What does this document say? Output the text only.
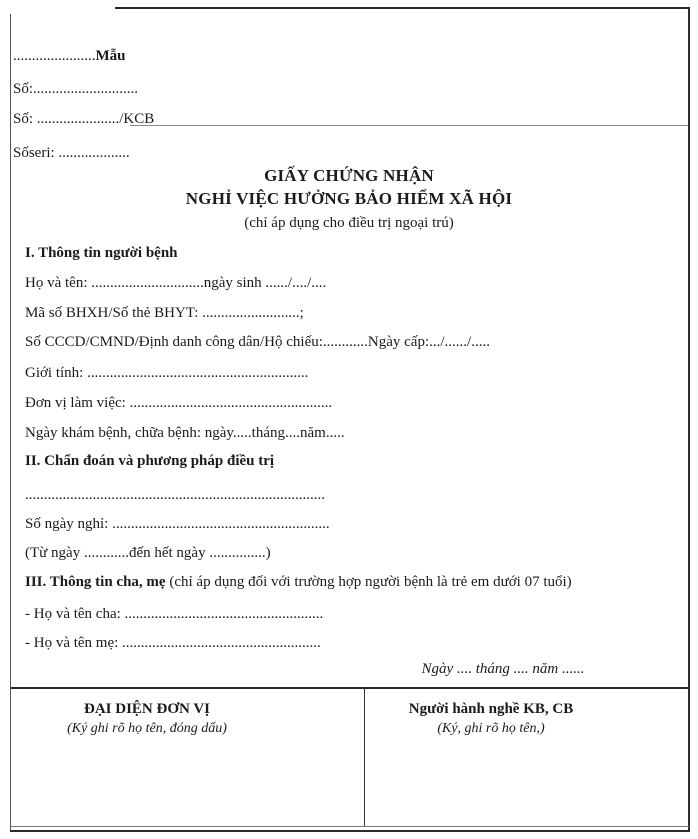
......................Mẫu
Số:............................
Số: ....................../KCB
Sốseri: ...................
GIẤY CHỨNG NHẬN
NGHỈ VIỆC HƯỞNG BẢO HIỂM XÃ HỘI
(chỉ áp dụng cho điều trị ngoại trú)
I. Thông tin người bệnh
Họ và tên: ..............................ngày sinh ....../..../....
Mã số BHXH/Số thẻ BHYT: ..........................;
Số CCCD/CMND/Định danh công dân/Hộ chiếu:............Ngày cấp:.../....../.....
Giới tính: ...........................................................
Đơn vị làm việc: ......................................................
Ngày khám bệnh, chữa bệnh: ngày.....tháng....năm.....
II. Chẩn đoán và phương pháp điều trị
................................................................................
Số ngày nghỉ: ..........................................................
(Từ ngày ............đến hết ngày ...............)
III. Thông tin cha, mẹ (chỉ áp dụng đối với trường hợp người bệnh là trẻ em dưới 07 tuổi)
- Họ và tên cha: .....................................................
- Họ và tên mẹ: .....................................................
Ngày .... tháng .... năm ......
ĐẠI DIỆN ĐƠN VỊ
(Ký ghi rõ họ tên, đóng dấu)
Người hành nghề KB, CB
(Ký, ghi rõ họ tên,)
